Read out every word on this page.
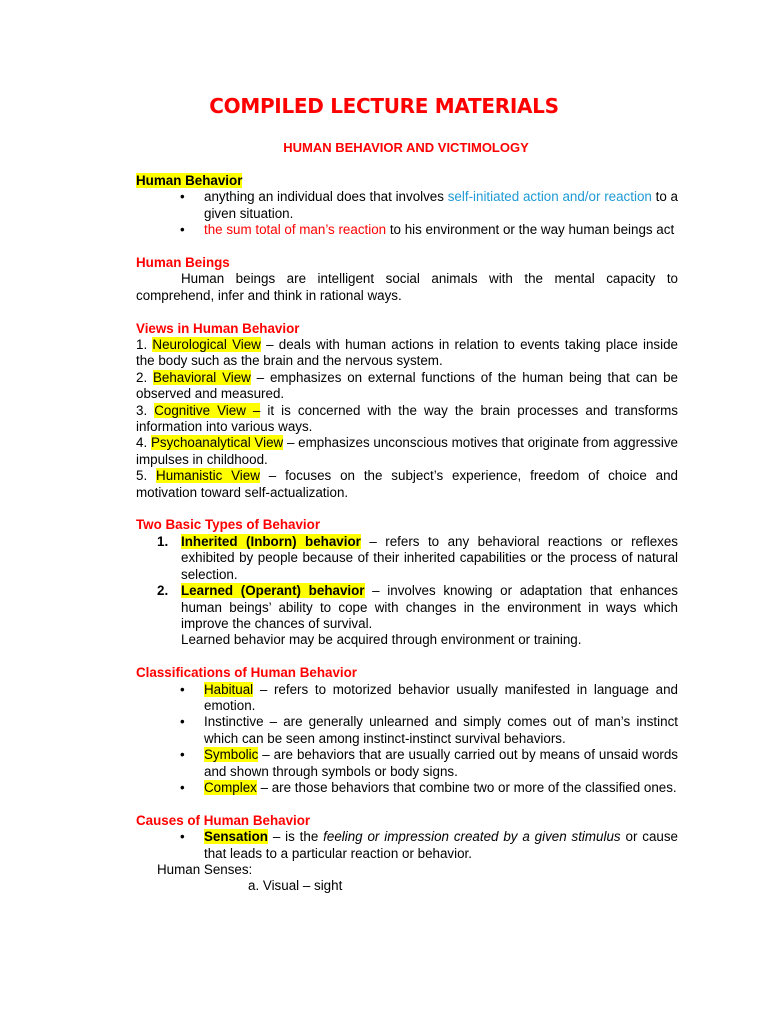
COMPILED LECTURE MATERIALS
HUMAN BEHAVIOR AND VICTIMOLOGY
Human Behavior
• anything an individual does that involves self-initiated action and/or reaction to a given situation.
• the sum total of man’s reaction to his environment or the way human beings act
Human Beings

Human beings are intelligent social animals with the mental capacity to comprehend, infer and think in rational ways.

Views in Human Behavior

1. Neurological View – deals with human actions in relation to events taking place inside the body such as the brain and the nervous system.

2. Behavioral View – emphasizes on external functions of the human being that can be observed and measured.

3. Cognitive View – it is concerned with the way the brain processes and transforms information into various ways.

4. Psychoanalytical View – emphasizes unconscious motives that originate from aggressive impulses in childhood.

5. Humanistic View – focuses on the subject’s experience, freedom of choice and motivation toward self-actualization.

Two Basic Types of Behavior
1. Inherited (Inborn) behavior – refers to any behavioral reactions or reflexes exhibited by people because of their inherited capabilities or the process of natural selection.
2. Learned (Operant) behavior – involves knowing or adaptation that enhances human beings’ ability to cope with changes in the environment in ways which improve the chances of survival.

Learned behavior may be acquired through environment or training.

Classifications of Human Behavior
• Habitual – refers to motorized behavior usually manifested in language and emotion.
• Instinctive – are generally unlearned and simply comes out of man’s instinct which can be seen among instinct-instinct survival behaviors.
• Symbolic – are behaviors that are usually carried out by means of unsaid words and shown through symbols or body signs.
• Complex – are those behaviors that combine two or more of the classified ones.
Causes of Human Behavior
• Sensation – is the feeling or impression created by a given stimulus or cause that leads to a particular reaction or behavior.

Human Senses:

a. Visual – sight
